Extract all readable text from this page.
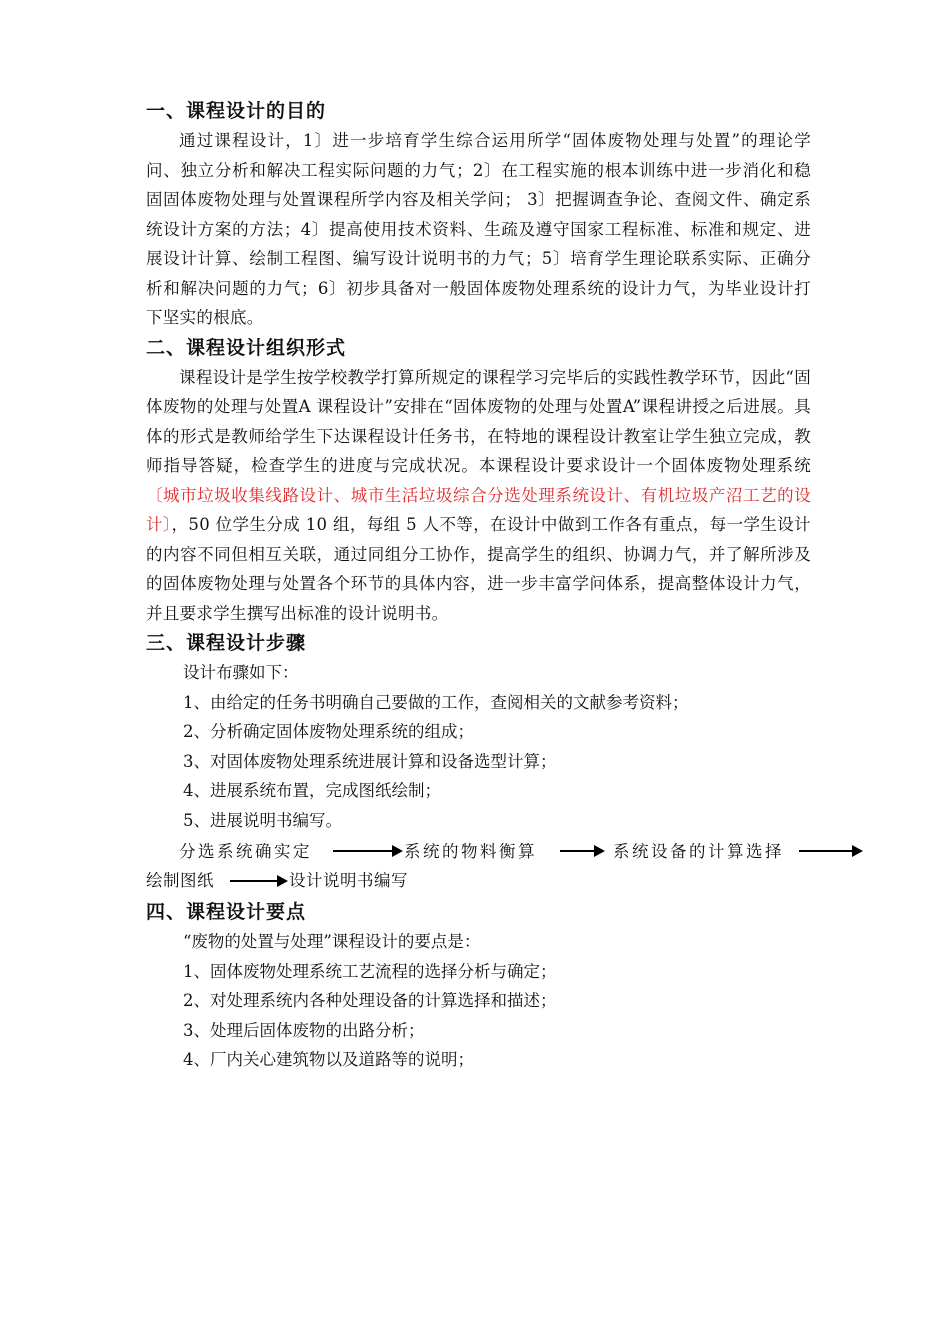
一、课程设计的目的

通过课程设计，1〕进一步培育学生综合运用所学“固体废物处理与处置”的理论学问、独立分析和解决工程实际问题的力气；2〕在工程实施的根本训练中进一步消化和稳固固体废物处理与处置课程所学内容及相关学问； 3〕把握调查争论、查阅文件、确定系统设计方案的方法；4〕提高使用技术资料、生疏及遵守国家工程标准、标准和规定、进展设计计算、绘制工程图、编写设计说明书的力气；5〕培育学生理论联系实际、正确分析和解决问题的力气；6〕初步具备对一般固体废物处理系统的设计力气，为毕业设计打下坚实的根底。

二、课程设计组织形式

课程设计是学生按学校教学打算所规定的课程学习完毕后的实践性教学环节，因此“固体废物的处理与处置A 课程设计”安排在“固体废物的处理与处置A”课程讲授之后进展。具体的形式是教师给学生下达课程设计任务书，在特地的课程设计教室让学生独立完成，教师指导答疑，检查学生的进度与完成状况。本课程设计要求设计一个固体废物处理系统〔城市垃圾收集线路设计、城市生活垃圾综合分选处理系统设计、有机垃圾产沼工艺的设计〕，50 位学生分成 10 组，每组 5 人不等，在设计中做到工作各有重点，每一学生设计的内容不同但相互关联，通过同组分工协作，提高学生的组织、协调力气，并了解所涉及的固体废物处理与处置各个环节的具体内容，进一步丰富学问体系，提高整体设计力气，并且要求学生撰写出标准的设计说明书。

三、课程设计步骤

设计布骤如下：

1、由给定的任务书明确自己要做的工作，查阅相关的文献参考资料；

2、分析确定固体废物处理系统的组成；

3、对固体废物处理系统进展计算和设备选型计算；

4、进展系统布置，完成图纸绘制；

5、进展说明书编写。

分选系统确实定	系统的物料衡算	系统设备的计算选择
绘制图纸	设计说明书编写
四、课程设计要点

“废物的处置与处理”课程设计的要点是：

1、固体废物处理系统工艺流程的选择分析与确定；

2、对处理系统内各种处理设备的计算选择和描述；

3、处理后固体废物的出路分析；

4、厂内关心建筑物以及道路等的说明；
